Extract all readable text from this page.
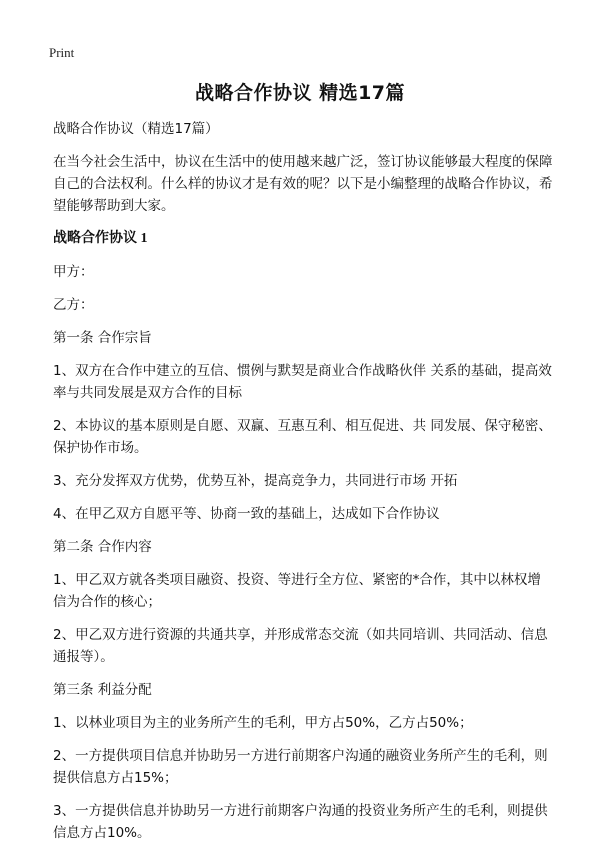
Print
战略合作协议 精选17篇

战略合作协议（精选17篇）

在当今社会生活中，协议在生活中的使用越来越广泛，签订协议能够最大程度的保障自己的合法权利。什么样的协议才是有效的呢？以下是小编整理的战略合作协议，希望能够帮助到大家。

战略合作协议 1

甲方：

乙方：

第一条 合作宗旨

1、双方在合作中建立的互信、惯例与默契是商业合作战略伙伴 关系的基础，提高效率与共同发展是双方合作的目标

2、本协议的基本原则是自愿、双赢、互惠互利、相互促进、共 同发展、保守秘密、保护协作市场。

3、充分发挥双方优势，优势互补，提高竞争力，共同进行市场 开拓

4、在甲乙双方自愿平等、协商一致的基础上，达成如下合作协议

第二条 合作内容

1、甲乙双方就各类项目融资、投资、等进行全方位、紧密的*合作，其中以林权增信为合作的核心；

2、甲乙双方进行资源的共通共享，并形成常态交流（如共同培训、共同活动、信息通报等）。

第三条 利益分配

1、以林业项目为主的业务所产生的毛利，甲方占50%，乙方占50%；

2、一方提供项目信息并协助另一方进行前期客户沟通的融资业务所产生的毛利，则提供信息方占15%；

3、一方提供信息并协助另一方进行前期客户沟通的投资业务所产生的毛利，则提供信息方占10%。
